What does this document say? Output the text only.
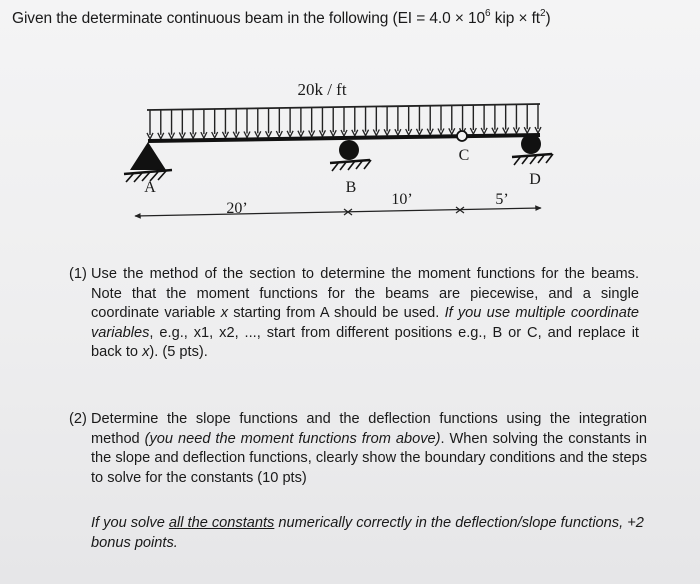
Given the determinate continuous beam in the following ($EI = 4.0 \times 10^6$ kip × $ft^2$)
20k / ft
A	B
C
D
20’
10’	5’
(1) Use the method of the section to determine the moment functions for the beams. Note that the moment functions for the beams are piecewise, and a single coordinate variable x starting from A should be used. If you use multiple coordinate variables, e.g., x1, x2, ..., start from different positions e.g., B or C, and replace it back to x). (5 pts).
(2) Determine the slope functions and the deflection functions using the integration method (you need the moment functions from above). When solving the constants in the slope and deflection functions, clearly show the boundary conditions and the steps to solve for the constants (10 pts)
If you solve all the constants numerically correctly in the deflection/slope functions, +2 bonus points.
